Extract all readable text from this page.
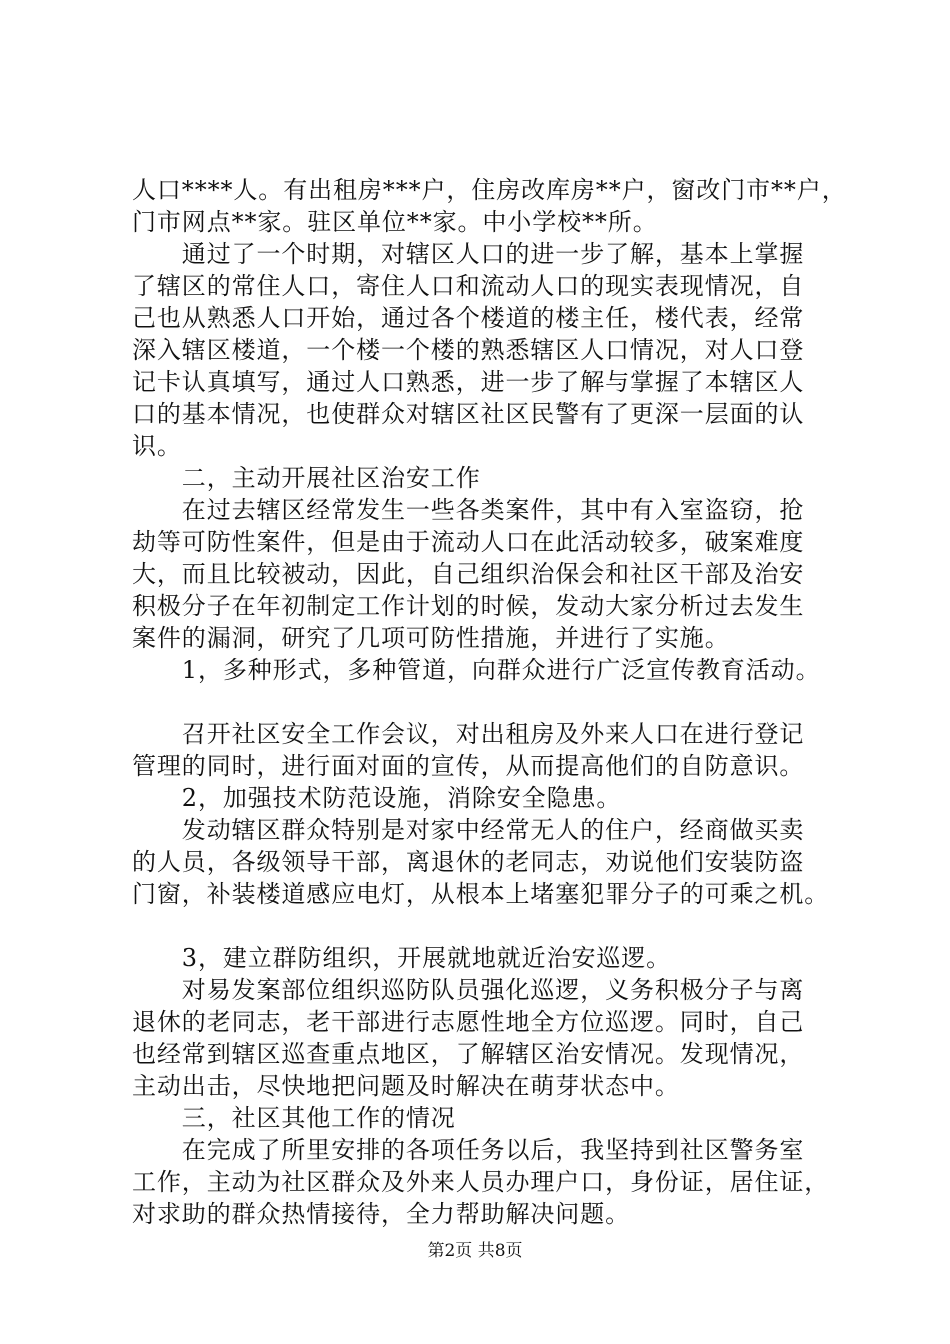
人口****人。有出租房***户，住房改库房**户，窗改门市**户，
门市网点**家。驻区单位**家。中小学校**所。
　　通过了一个时期，对辖区人口的进一步了解，基本上掌握
了辖区的常住人口，寄住人口和流动人口的现实表现情况，自
己也从熟悉人口开始，通过各个楼道的楼主任，楼代表，经常
深入辖区楼道，一个楼一个楼的熟悉辖区人口情况，对人口登
记卡认真填写，通过人口熟悉，进一步了解与掌握了本辖区人
口的基本情况，也使群众对辖区社区民警有了更深一层面的认
识。
　　二，主动开展社区治安工作
　　在过去辖区经常发生一些各类案件，其中有入室盗窃，抢
劫等可防性案件，但是由于流动人口在此活动较多，破案难度
大，而且比较被动，因此，自己组织治保会和社区干部及治安
积极分子在年初制定工作计划的时候，发动大家分析过去发生
案件的漏洞，研究了几项可防性措施，并进行了实施。
　　1，多种形式，多种管道，向群众进行广泛宣传教育活动。
　　召开社区安全工作会议，对出租房及外来人口在进行登记
管理的同时，进行面对面的宣传，从而提高他们的自防意识。
　　2，加强技术防范设施，消除安全隐患。
　　发动辖区群众特别是对家中经常无人的住户，经商做买卖
的人员，各级领导干部，离退休的老同志，劝说他们安装防盗
门窗，补装楼道感应电灯，从根本上堵塞犯罪分子的可乘之机。
　　3，建立群防组织，开展就地就近治安巡逻。
　　对易发案部位组织巡防队员强化巡逻，义务积极分子与离
退休的老同志，老干部进行志愿性地全方位巡逻。同时，自己
也经常到辖区巡查重点地区，了解辖区治安情况。发现情况，
主动出击，尽快地把问题及时解决在萌芽状态中。
　　三，社区其他工作的情况
　　在完成了所里安排的各项任务以后，我坚持到社区警务室
工作，主动为社区群众及外来人员办理户口，身份证，居住证，
对求助的群众热情接待，全力帮助解决问题。
第2页 共8页
